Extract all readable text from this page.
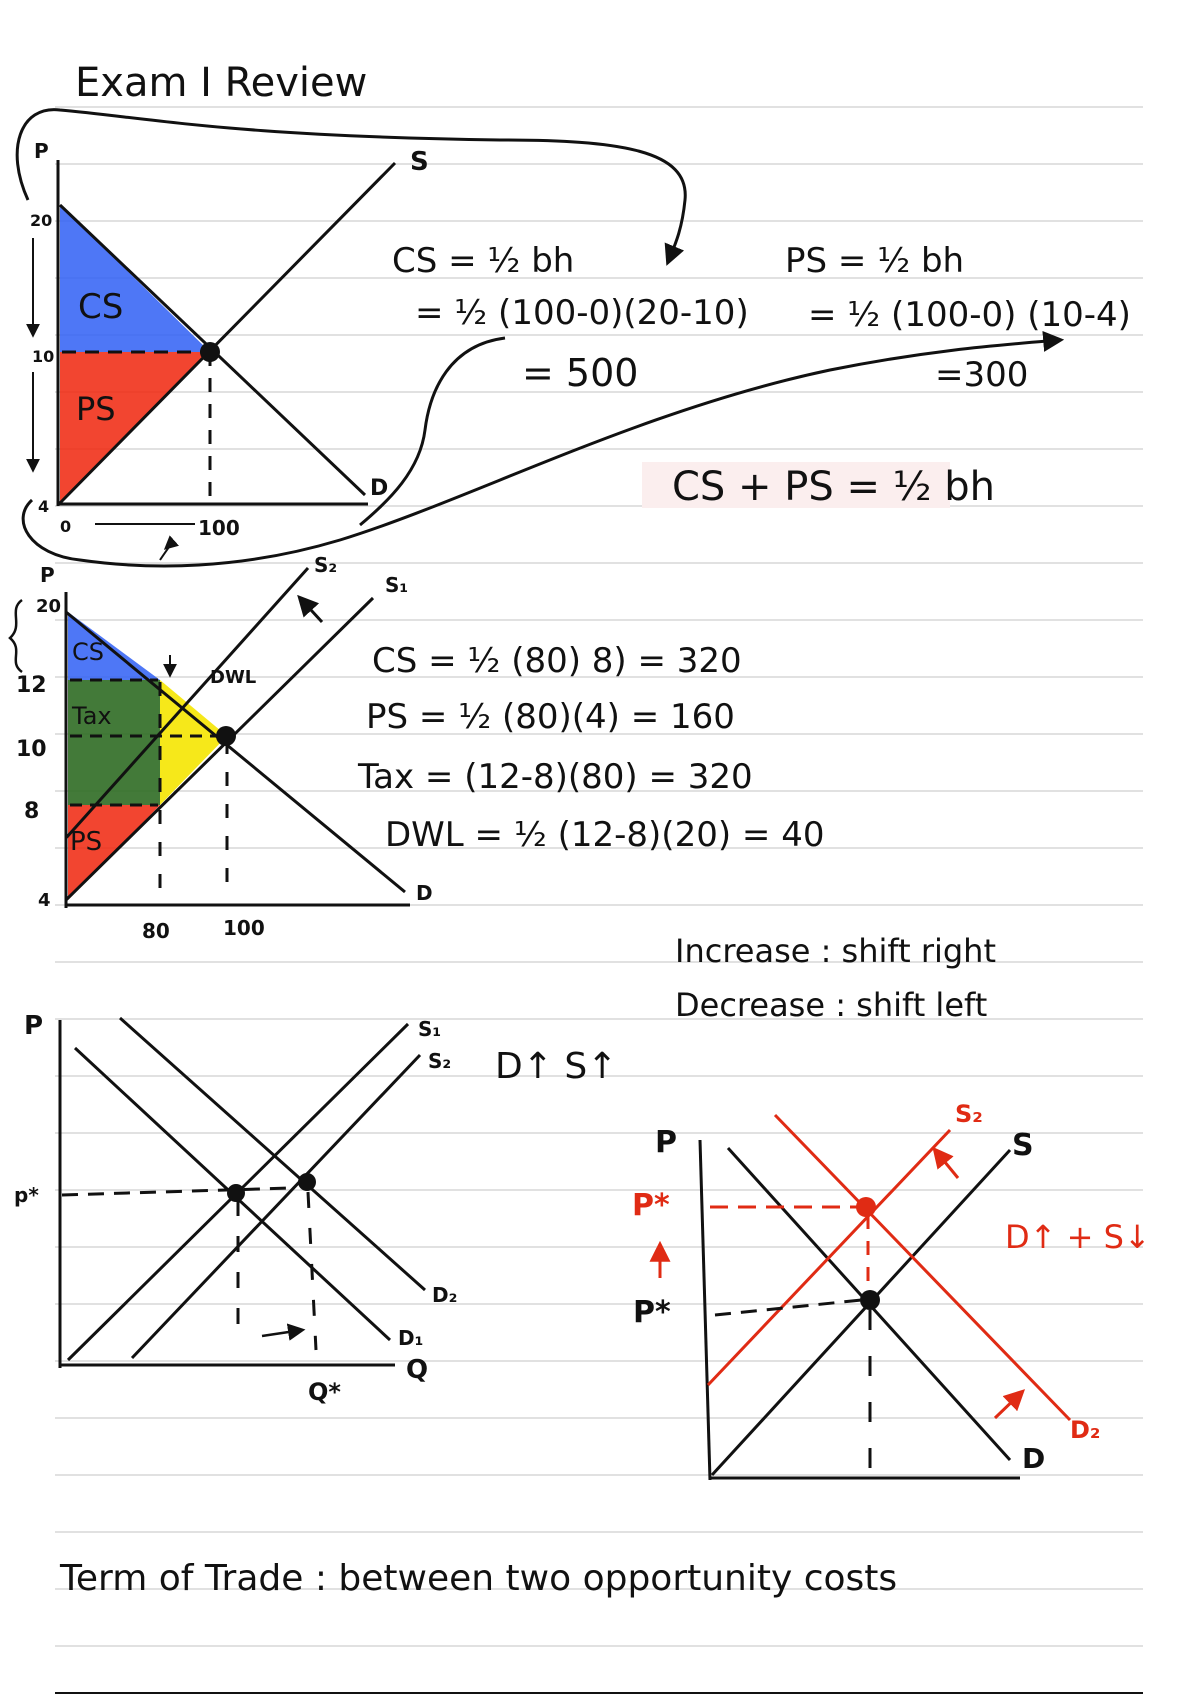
Exam I Review
P	S
D
20
10
4
0	100
CS
PS
CS = ½ bh
= ½ (100-0)(20-10)
= 500
PS = ½ bh
= ½ (100-0) (10-4)
=300
CS + PS = ½ bh
P	S₂
S₁
D
20
12
10
8
4
80	100
CS
Tax
PS
DWL	CS = ½ (80) 8) = 320
PS = ½ (80)(4) = 160
Tax = (12-8)(80) = 320
DWL = ½ (12-8)(20) = 40
Increase : shift right
Decrease : shift left
P	S₁
S₂
D₂
D₁
Q
p*
Q*
D↑ S↑
P	S
S₂
D
D₂
P*
P*
D↑ + S↓
Term of Trade : between two opportunity costs
